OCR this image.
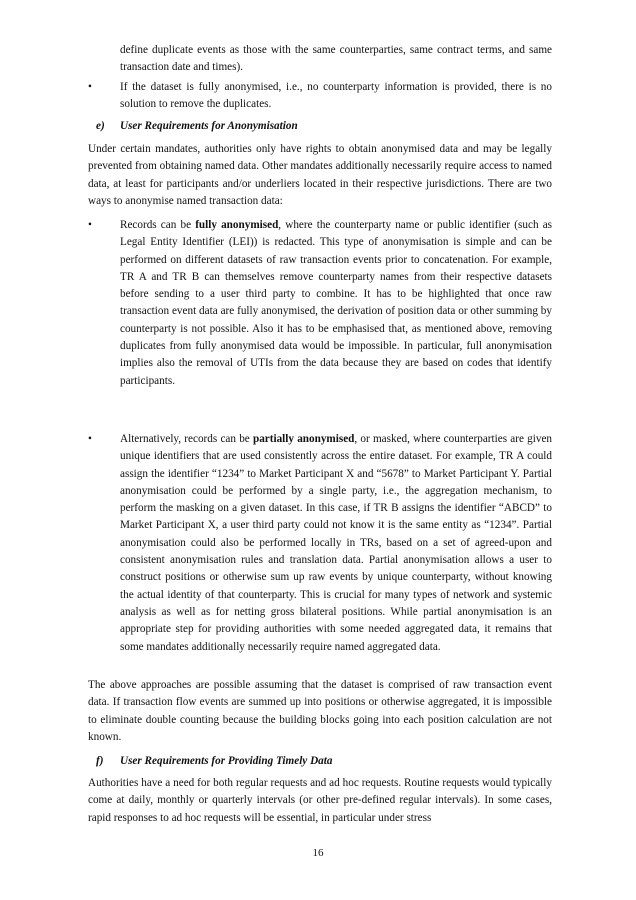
define duplicate events as those with the same counterparties, same contract terms, and same transaction date and times).

•	If the dataset is fully anonymised, i.e., no counterparty information is provided, there is no solution to remove the duplicates.

e) User Requirements for Anonymisation

Under certain mandates, authorities only have rights to obtain anonymised data and may be legally prevented from obtaining named data. Other mandates additionally necessarily require access to named data, at least for participants and/or underliers located in their respective jurisdictions. There are two ways to anonymise named transaction data:

•	Records can be fully anonymised, where the counterparty name or public identifier (such as Legal Entity Identifier (LEI)) is redacted. This type of anonymisation is simple and can be performed on different datasets of raw transaction events prior to concatenation. For example, TR A and TR B can themselves remove counterparty names from their respective datasets before sending to a user third party to combine. It has to be highlighted that once raw transaction event data are fully anonymised, the derivation of position data or other summing by counterparty is not possible. Also it has to be emphasised that, as mentioned above, removing duplicates from fully anonymised data would be impossible. In particular, full anonymisation implies also the removal of UTIs from the data because they are based on codes that identify participants.

•	Alternatively, records can be partially anonymised, or masked, where counterparties are given unique identifiers that are used consistently across the entire dataset. For example, TR A could assign the identifier “1234” to Market Participant X and “5678” to Market Participant Y. Partial anonymisation could be performed by a single party, i.e., the aggregation mechanism, to perform the masking on a given dataset. In this case, if TR B assigns the identifier “ABCD” to Market Participant X, a user third party could not know it is the same entity as “1234”. Partial anonymisation could also be performed locally in TRs, based on a set of agreed-upon and consistent anonymisation rules and translation data. Partial anonymisation allows a user to construct positions or otherwise sum up raw events by unique counterparty, without knowing the actual identity of that counterparty. This is crucial for many types of network and systemic analysis as well as for netting gross bilateral positions. While partial anonymisation is an appropriate step for providing authorities with some needed aggregated data, it remains that some mandates additionally necessarily require named aggregated data.

The above approaches are possible assuming that the dataset is comprised of raw transaction event data. If transaction flow events are summed up into positions or otherwise aggregated, it is impossible to eliminate double counting because the building blocks going into each position calculation are not known.

f) User Requirements for Providing Timely Data

Authorities have a need for both regular requests and ad hoc requests. Routine requests would typically come at daily, monthly or quarterly intervals (or other pre-defined regular intervals). In some cases, rapid responses to ad hoc requests will be essential, in particular under stress

16
